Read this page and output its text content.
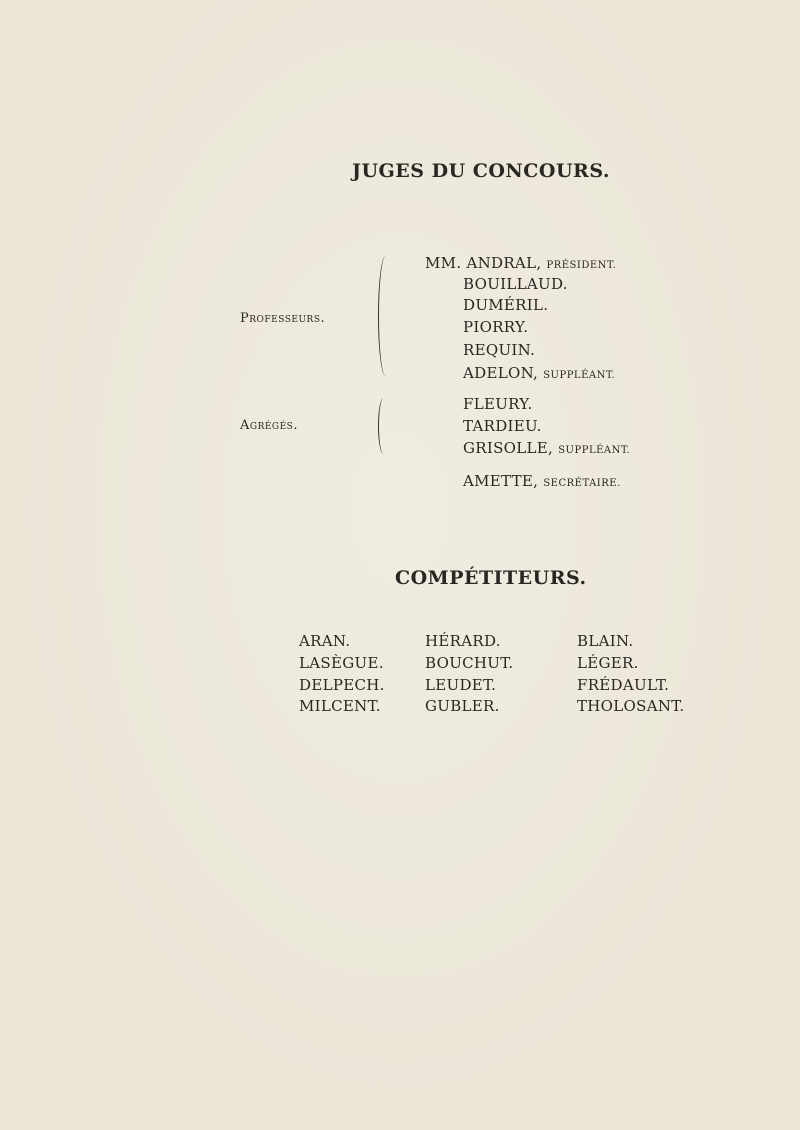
JUGES DU CONCOURS.
Professeurs.
MM. ANDRAL, PRÉSIDENT.
BOUILLAUD.
DUMÉRIL.
PIORRY.
REQUIN.
ADELON, SUPPLÉANT.
Agrégés.
FLEURY.
TARDIEU.
GRISOLLE, SUPPLÉANT.
AMETTE, SECRÉTAIRE.
COMPÉTITEURS.
ARAN.
LASÈGUE.
DELPECH.
MILCENT.
HÉRARD.
BOUCHUT.
LEUDET.
GUBLER.
BLAIN.
LÉGER.
FRÉDAULT.
THOLOSANT.
